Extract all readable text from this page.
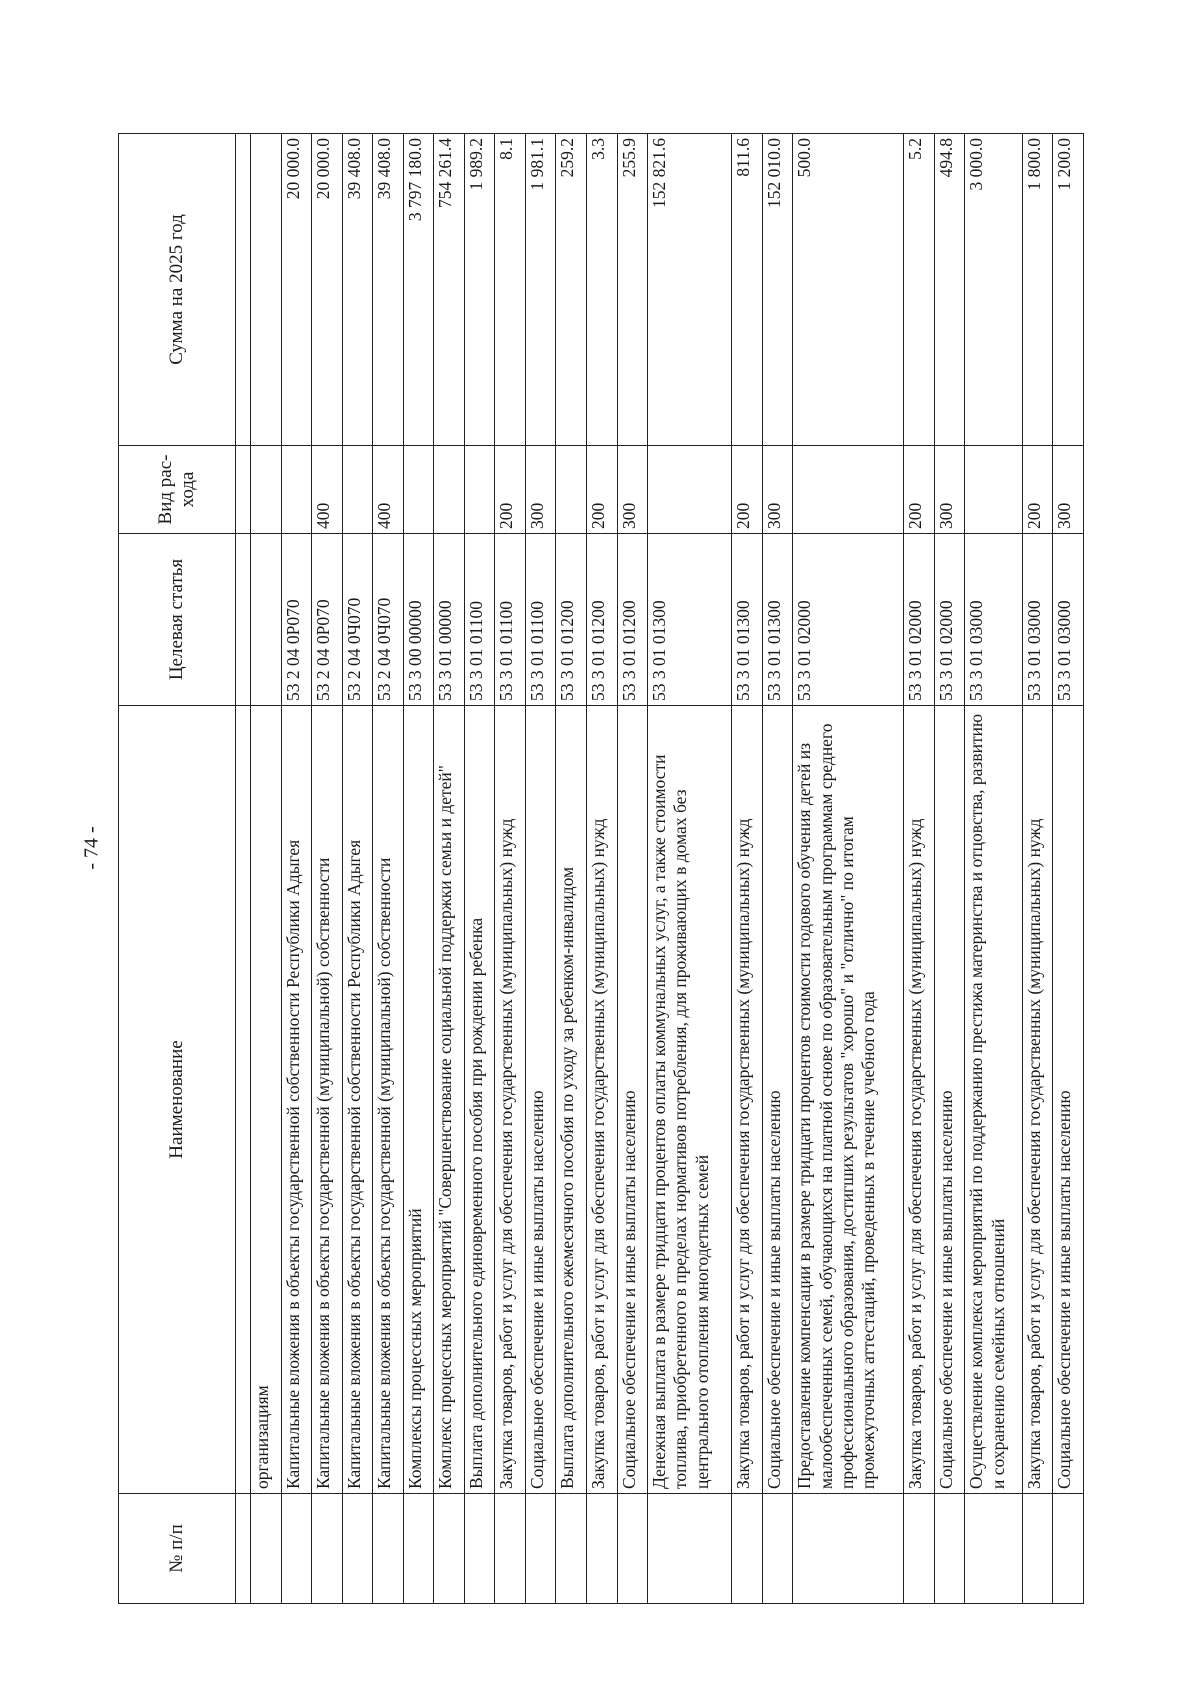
- 74 -
№ п/п	Наименование	Целевая статья	Вид рас-хода	Сумма на 2025 год

	организациям			
	Капитальные вложения в объекты государственной собственности Республики Адыгея	53 2 04 0Р070		20 000.0
	Капитальные вложения в объекты государственной (муниципальной) собственности	53 2 04 0Р070	400	20 000.0
	Капитальные вложения в объекты государственной собственности Республики Адыгея	53 2 04 0Ч070		39 408.0
	Капитальные вложения в объекты государственной (муниципальной) собственности	53 2 04 0Ч070	400	39 408.0
	Комплексы процессных мероприятий	53 3 00 00000		3 797 180.0
	Комплекс процессных мероприятий "Совершенствование социальной поддержки семьи и детей"	53 3 01 00000		754 261.4
	Выплата дополнительного единовременного пособия при рождении ребенка	53 3 01 01100		1 989.2
	Закупка товаров, работ и услуг для обеспечения государственных (муниципальных) нужд	53 3 01 01100	200	8.1
	Социальное обеспечение и иные выплаты населению	53 3 01 01100	300	1 981.1
	Выплата дополнительного ежемесячного пособия по уходу за ребенком-инвалидом	53 3 01 01200		259.2
	Закупка товаров, работ и услуг для обеспечения государственных (муниципальных) нужд	53 3 01 01200	200	3.3
	Социальное обеспечение и иные выплаты населению	53 3 01 01200	300	255.9
	Денежная выплата в размере тридцати процентов оплаты коммунальных услуг, а также стоимости топлива, приобретенного в пределах нормативов потребления, для проживающих в домах без центрального отопления многодетных семей	53 3 01 01300		152 821.6
	Закупка товаров, работ и услуг для обеспечения государственных (муниципальных) нужд	53 3 01 01300	200	811.6
	Социальное обеспечение и иные выплаты населению	53 3 01 01300	300	152 010.0
	Предоставление компенсации в размере тридцати процентов стоимости годового обучения детей из малообеспеченных семей, обучающихся на платной основе по образовательным программам среднего профессионального образования, достигших результатов "хорошо" и "отлично" по итогам промежуточных аттестаций, проведенных в течение учебного года	53 3 01 02000		500.0
	Закупка товаров, работ и услуг для обеспечения государственных (муниципальных) нужд	53 3 01 02000	200	5.2
	Социальное обеспечение и иные выплаты населению	53 3 01 02000	300	494.8
	Осуществление комплекса мероприятий по поддержанию престижа материнства и отцовства, развитию и сохранению семейных отношений	53 3 01 03000		3 000.0
	Закупка товаров, работ и услуг для обеспечения государственных (муниципальных) нужд	53 3 01 03000	200	1 800.0
	Социальное обеспечение и иные выплаты населению	53 3 01 03000	300	1 200.0
